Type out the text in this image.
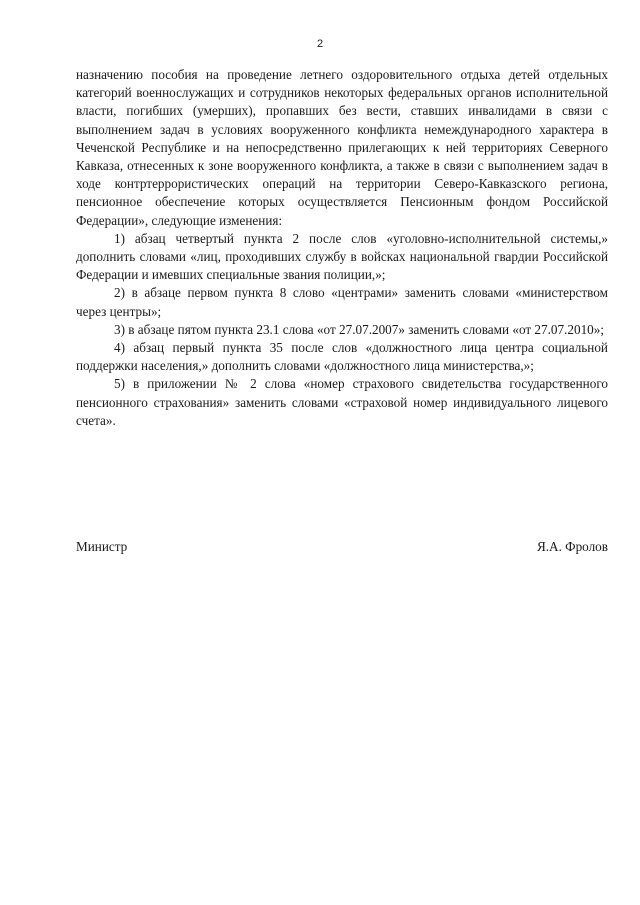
2

назначению пособия на проведение летнего оздоровительного отдыха детей отдельных категорий военнослужащих и сотрудников некоторых федеральных органов исполнительной власти, погибших (умерших), пропавших без вести, ставших инвалидами в связи с выполнением задач в условиях вооруженного конфликта немеждународного характера в Чеченской Республике и на непосредственно прилегающих к ней территориях Северного Кавказа, отнесенных к зоне вооруженного конфликта, а также в связи с выполнением задач в ходе контртеррористических операций на территории Северо-Кавказского региона, пенсионное обеспечение которых осуществляется Пенсионным фондом Российской Федерации», следующие изменения:

1) абзац четвертый пункта 2 после слов «уголовно-исполнительной системы,» дополнить словами «лиц, проходивших службу в войсках национальной гвардии Российской Федерации и имевших специальные звания полиции,»;

2) в абзаце первом пункта 8 слово «центрами» заменить словами «министерством через центры»;

3) в абзаце пятом пункта 23.1 слова «от 27.07.2007» заменить словами «от 27.07.2010»;

4) абзац первый пункта 35 после слов «должностного лица центра социальной поддержки населения,» дополнить словами «должностного лица министерства,»;

5) в приложении № 2 слова «номер страхового свидетельства государственного пенсионного страхования» заменить словами «страховой номер индивидуального лицевого счета».

Министр	Я.А. Фролов
